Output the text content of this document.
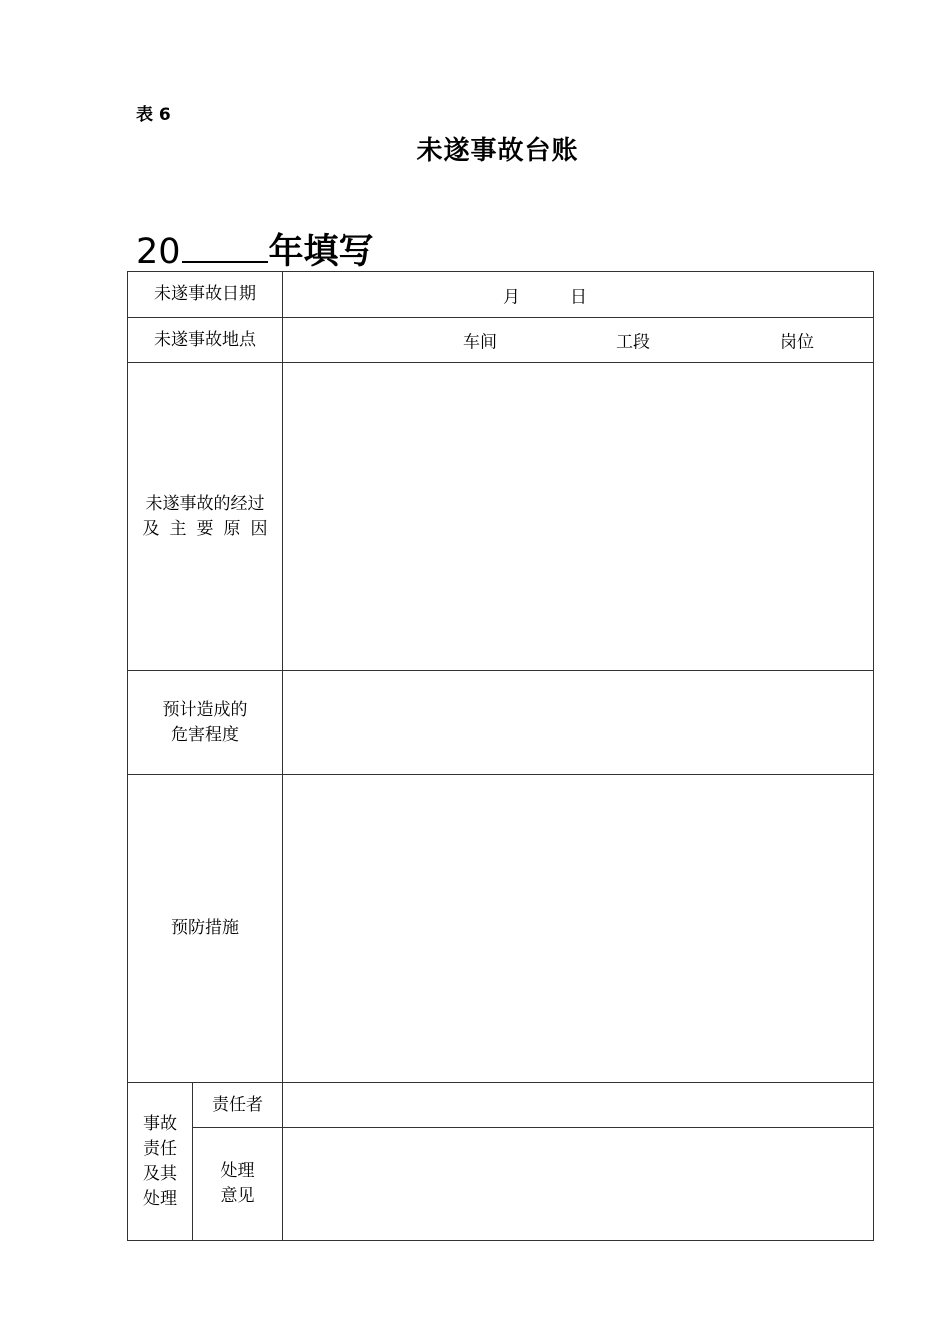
表 6
未遂事故台账
20	年填写
未遂事故日期		月 日

未遂事故地点		车间 工段 岗位

未遂事故的经过
及主要原因		

预计造成的
危害程度		

预防措施		

事故
责任
及其
处理	责任者	

	处理
意见	
